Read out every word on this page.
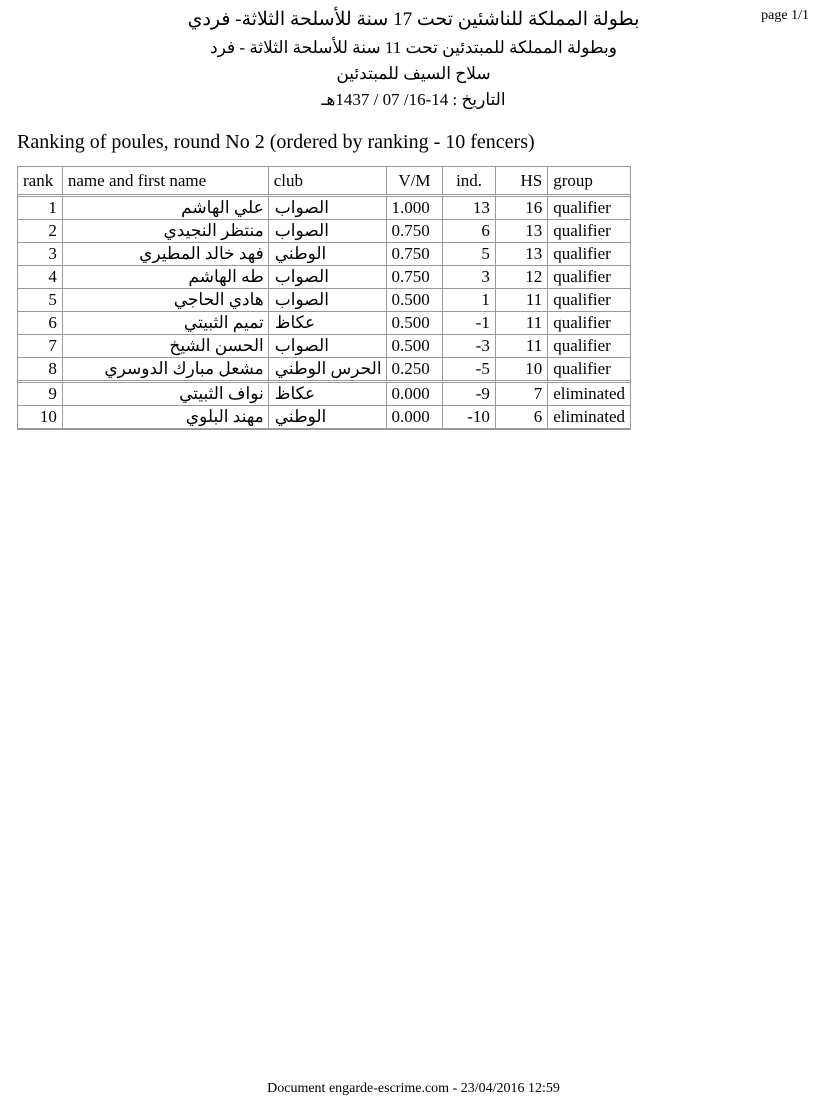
page 1/1
بطولة المملكة للناشئين تحت 17 سنة للأسلحة الثلاثة- فردي
وبطولة المملكة للمبتدئين تحت 11 سنة للأسلحة الثلاثة - فرد
سلاح السيف للمبتدئين
التاريخ : 14-16/ 07 / 1437هـ
Ranking of poules, round No 2 (ordered by ranking - 10 fencers)
rank	name and first name	club	V/M	ind.	HS	group
1	علي الهاشم	الصواب	1.000	13	16	qualifier
2	منتظر النجيدي	الصواب	0.750	6	13	qualifier
3	فهد خالد المطيري	الوطني	0.750	5	13	qualifier
4	طه الهاشم	الصواب	0.750	3	12	qualifier
5	هادي الحاجي	الصواب	0.500	1	11	qualifier
6	تميم الثبيتي	عكاظ	0.500	-1	11	qualifier
7	الحسن الشيخ	الصواب	0.500	-3	11	qualifier
8	مشعل مبارك الدوسري	الحرس الوطني	0.250	-5	10	qualifier
9	نواف الثبيتي	عكاظ	0.000	-9	7	eliminated
10	مهند البلوي	الوطني	0.000	-10	6	eliminated
Document engarde-escrime.com - 23/04/2016 12:59
